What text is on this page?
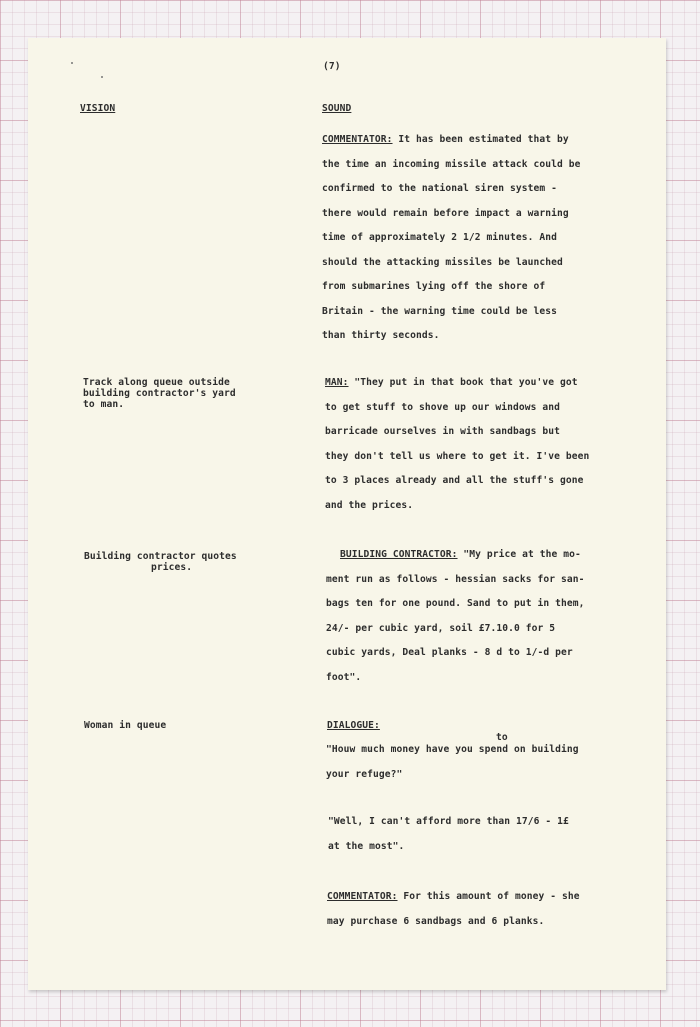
(7)
VISION	SOUND
COMMENTATOR: It has been estimated that by
the time an incoming missile attack could be
confirmed to the national siren system -
there would remain before impact a warning
time of approximately 2 1/2 minutes. And
should the attacking missiles be launched
from submarines lying off the shore of
Britain - the warning time could be less
than thirty seconds.
Track along queue outside
building contractor's yard
to man.
MAN: "They put in that book that you've got
to get stuff to shove up our windows and
barricade ourselves in with sandbags but
they don't tell us where to get it. I've been
to 3 places already and all the stuff's gone
and the prices.
Building contractor quotes
prices.
BUILDING CONTRACTOR: "My price at the mo-
ment run as follows - hessian sacks for san-
bags ten for one pound. Sand to put in them,
24/- per cubic yard, soil £7.10.0 for 5
cubic yards, Deal planks - 8 d to 1/-d per
foot".
Woman in queue	DIALOGUE:
to
"Houw much money have you spend on building
your refuge?"
"Well, I can't afford more than 17/6 - 1£
at the most".
COMMENTATOR: For this amount of money - she
may purchase 6 sandbags and 6 planks.
